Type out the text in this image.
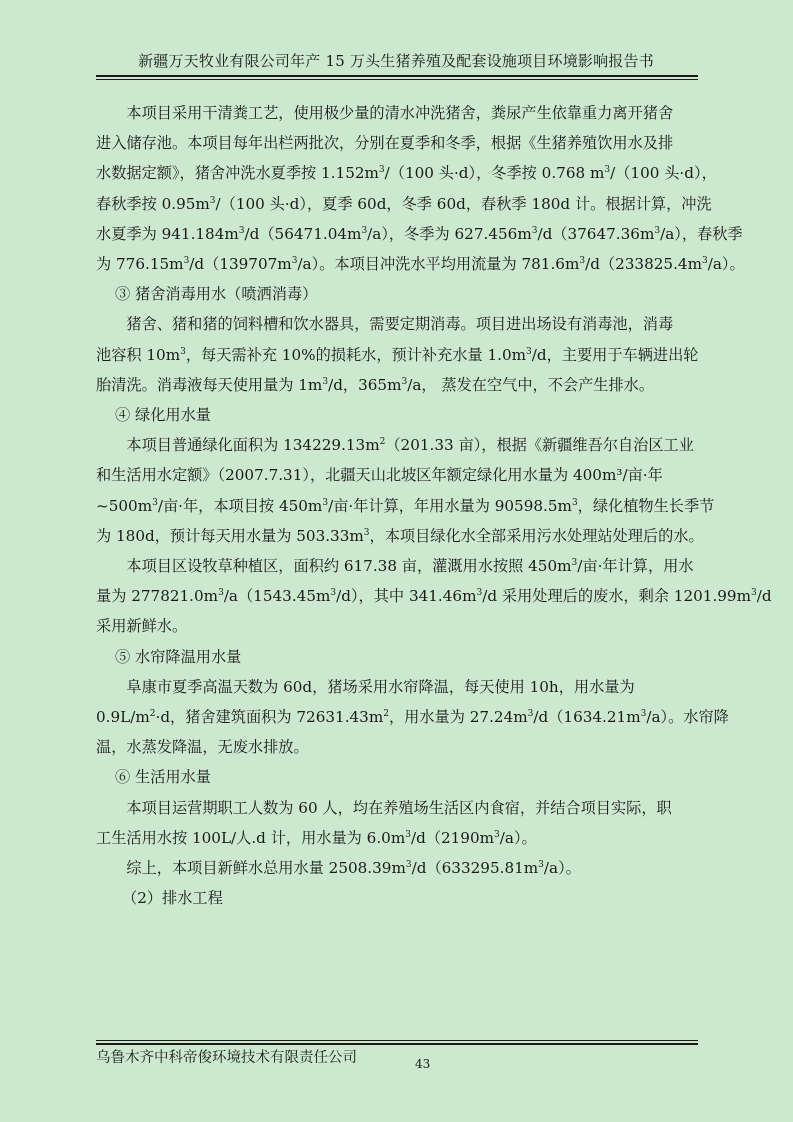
新疆万天牧业有限公司年产 15 万头生猪养殖及配套设施项目环境影响报告书

本项目采用干清粪工艺，使用极少量的清水冲洗猪舍，粪尿产生依靠重力离开猪舍
进入储存池。本项目每年出栏两批次，分别在夏季和冬季，根据《生猪养殖饮用水及排
水数据定额》，猪舍冲洗水夏季按 $1.152m^3/(100$ 头·d），冬季按 0.768 $m^3/(100$ 头·d），
春秋季按 $0.95m^3/(100$ 头·d），夏季 60d，冬季 60d，春秋季 180d 计。根据计算，冲洗
水夏季为 $941.184m^3/d(56471.04m^3/a)$，冬季为 $627.456m^3/d(37647.36m^3/a)$，春秋季
为 $776.15m^3/d(139707m^3/a)$。本项目冲洗水平均用流量为 $781.6m^3/d(233825.4m^3/a)$。

③ 猪舍消毒用水（喷洒消毒）

猪舍、猪和猪的饲料槽和饮水器具，需要定期消毒。项目进出场设有消毒池，消毒
池容积 $10m^3$，每天需补充 10%的损耗水，预计补充水量 $1.0m^3/d$，主要用于车辆进出轮
胎清洗。消毒液每天使用量为 $1m^3/d$，$365m^3/a$， 蒸发在空气中，不会产生排水。

④ 绿化用水量

本项目普通绿化面积为 $134229.13m^2(201.33$ 亩），根据《新疆维吾尔自治区工业
和生活用水定额》（2007.7.31），北疆天山北坡区年额定绿化用水量为 400m³/亩·年
$\sim 500m^3/$亩·年，本项目按 $450m^3/$亩·年计算，年用水量为 $90598.5m^3$，绿化植物生长季节
为 180d，预计每天用水量为 $503.33m^3$，本项目绿化水全部采用污水处理站处理后的水。

本项目区设牧草种植区，面积约 617.38 亩，灌溉用水按照 $450m^3/$亩·年计算，用水
量为 $277821.0m^3/a(1543.45m^3/d)$，其中 $341.46m^3/d$ 采用处理后的废水，剩余 $1201.99m^3/d$
采用新鲜水。

⑤ 水帘降温用水量

阜康市夏季高温天数为 60d，猪场采用水帘降温，每天使用 10h，用水量为
$0.9L/m^2\cdot d$，猪舍建筑面积为 $72631.43m^2$，用水量为 $27.24m^3/d(1634.21m^3/a)$。水帘降
温，水蒸发降温，无废水排放。

⑥ 生活用水量

本项目运营期职工人数为 60 人，均在养殖场生活区内食宿，并结合项目实际，职
工生活用水按 100L/人.d 计，用水量为 $6.0m^3/d(2190m^3/a)$。

综上，本项目新鲜水总用水量 $2508.39m^3/d(633295.81m^3/a)$。

（2）排水工程

乌鲁木齐中科帝俊环境技术有限责任公司	43
